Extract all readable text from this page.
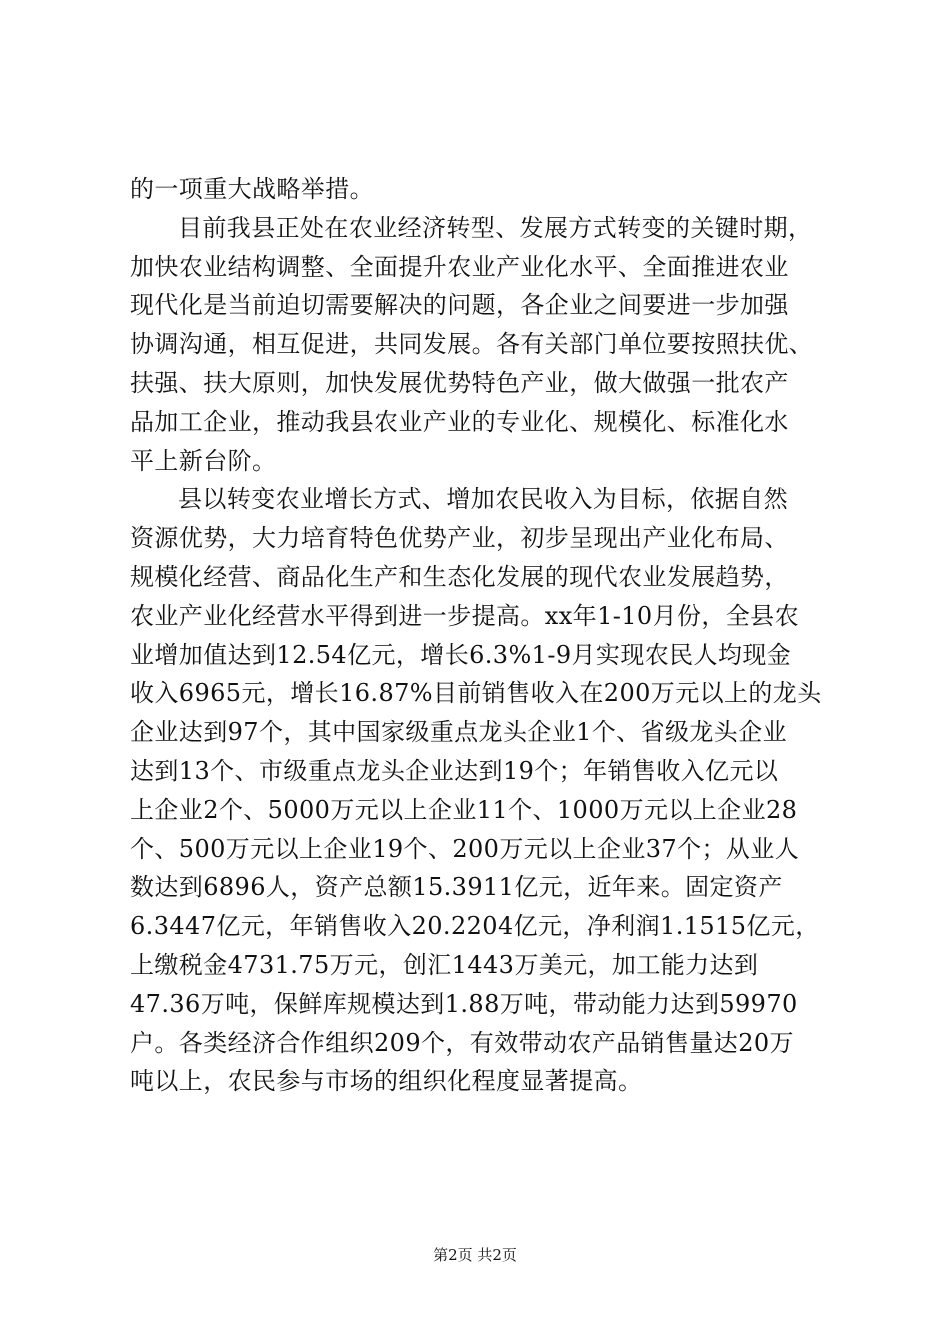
的一项重大战略举措。
目前我县正处在农业经济转型、发展方式转变的关键时期，
加快农业结构调整、全面提升农业产业化水平、全面推进农业
现代化是当前迫切需要解决的问题，各企业之间要进一步加强
协调沟通，相互促进，共同发展。各有关部门单位要按照扶优、
扶强、扶大原则，加快发展优势特色产业，做大做强一批农产
品加工企业，推动我县农业产业的专业化、规模化、标准化水
平上新台阶。
县以转变农业增长方式、增加农民收入为目标，依据自然
资源优势，大力培育特色优势产业，初步呈现出产业化布局、
规模化经营、商品化生产和生态化发展的现代农业发展趋势，
农业产业化经营水平得到进一步提高。xx年1-10月份，全县农
业增加值达到12.54亿元，增长6.3%1-9月实现农民人均现金
收入6965元，增长16.87%目前销售收入在200万元以上的龙头
企业达到97个，其中国家级重点龙头企业1个、省级龙头企业
达到13个、市级重点龙头企业达到19个；年销售收入亿元以
上企业2个、5000万元以上企业11个、1000万元以上企业28
个、500万元以上企业19个、200万元以上企业37个；从业人
数达到6896人，资产总额15.3911亿元，近年来。固定资产
6.3447亿元，年销售收入20.2204亿元，净利润1.1515亿元，
上缴税金4731.75万元，创汇1443万美元，加工能力达到
47.36万吨，保鲜库规模达到1.88万吨，带动能力达到59970
户。各类经济合作组织209个，有效带动农产品销售量达20万
吨以上，农民参与市场的组织化程度显著提高。
第2页 共2页
